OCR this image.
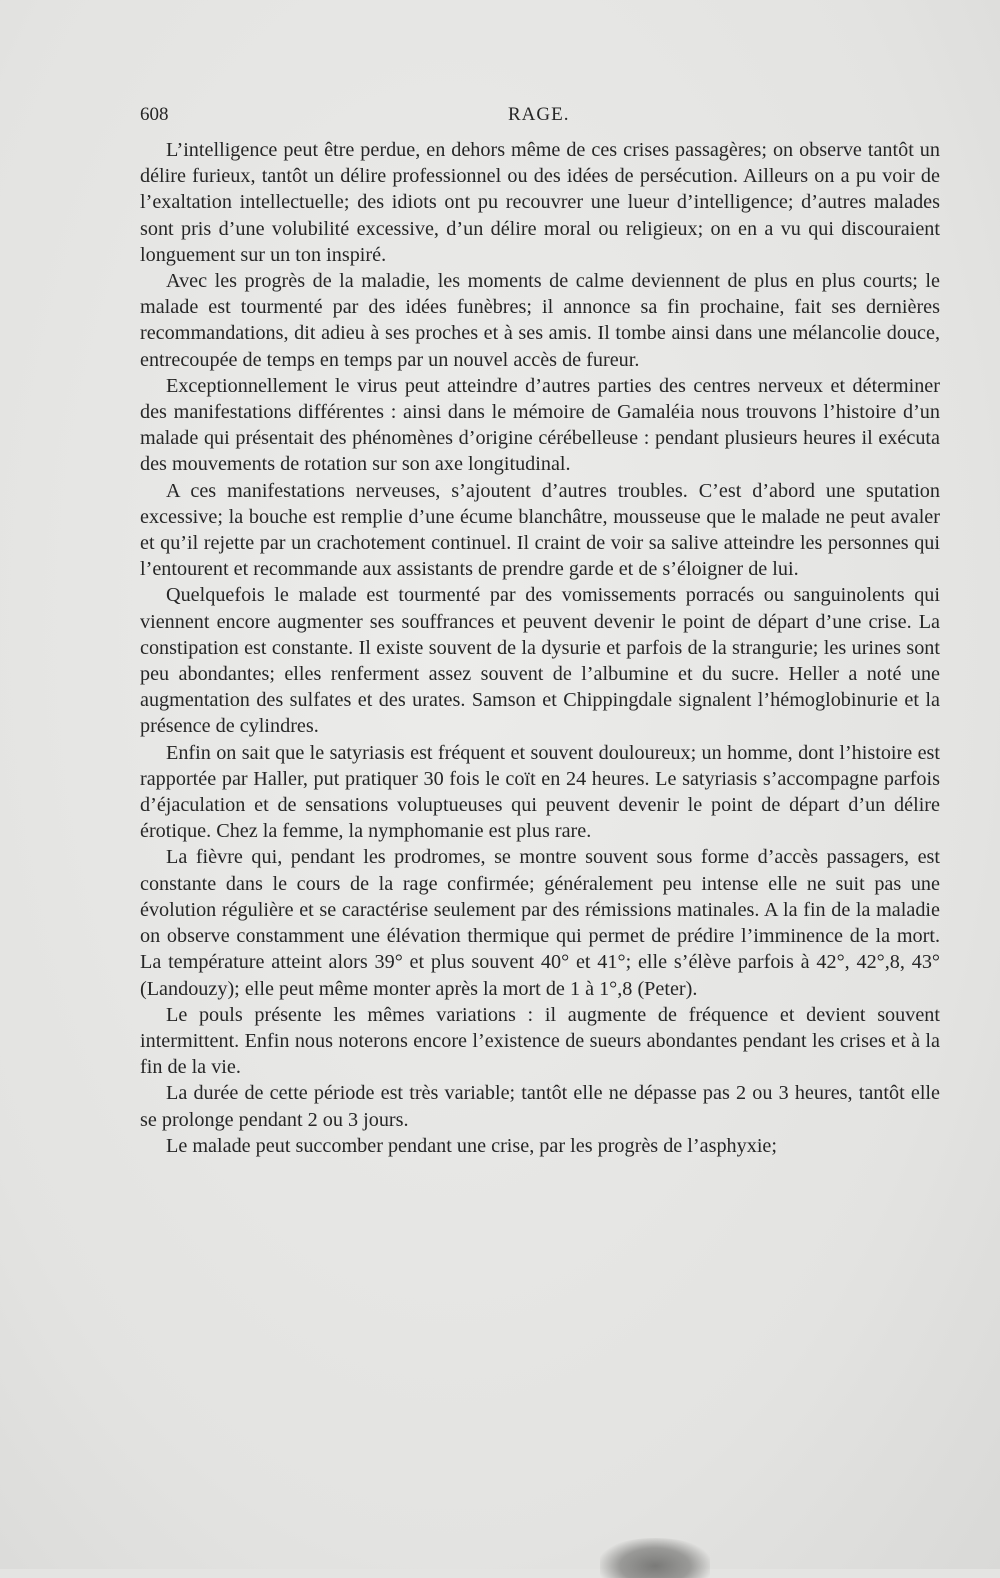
608	RAGE.

L’intelligence peut être perdue, en dehors même de ces crises passagères; on observe tantôt un délire furieux, tantôt un délire professionnel ou des idées de persécution. Ailleurs on a pu voir de l’exaltation intellectuelle; des idiots ont pu recouvrer une lueur d’intelligence; d’autres malades sont pris d’une volubilité excessive, d’un délire moral ou religieux; on en a vu qui discouraient longuement sur un ton inspiré.

Avec les progrès de la maladie, les moments de calme deviennent de plus en plus courts; le malade est tourmenté par des idées funèbres; il annonce sa fin prochaine, fait ses dernières recommandations, dit adieu à ses proches et à ses amis. Il tombe ainsi dans une mélancolie douce, entrecoupée de temps en temps par un nouvel accès de fureur.

Exceptionnellement le virus peut atteindre d’autres parties des centres nerveux et déterminer des manifestations différentes : ainsi dans le mémoire de Gamaléia nous trouvons l’histoire d’un malade qui présentait des phénomènes d’origine cérébelleuse : pendant plusieurs heures il exécuta des mouvements de rotation sur son axe longitudinal.

A ces manifestations nerveuses, s’ajoutent d’autres troubles. C’est d’abord une sputation excessive; la bouche est remplie d’une écume blanchâtre, mousseuse que le malade ne peut avaler et qu’il rejette par un crachotement continuel. Il craint de voir sa salive atteindre les personnes qui l’entourent et recommande aux assistants de prendre garde et de s’éloigner de lui.

Quelquefois le malade est tourmenté par des vomissements porracés ou sanguinolents qui viennent encore augmenter ses souffrances et peuvent devenir le point de départ d’une crise. La constipation est constante. Il existe souvent de la dysurie et parfois de la strangurie; les urines sont peu abondantes; elles renferment assez souvent de l’albumine et du sucre. Heller a noté une augmentation des sulfates et des urates. Samson et Chippingdale signalent l’hémoglobinurie et la présence de cylindres.

Enfin on sait que le satyriasis est fréquent et souvent douloureux; un homme, dont l’histoire est rapportée par Haller, put pratiquer 30 fois le coït en 24 heures. Le satyriasis s’accompagne parfois d’éjaculation et de sensations voluptueuses qui peuvent devenir le point de départ d’un délire érotique. Chez la femme, la nymphomanie est plus rare.

La fièvre qui, pendant les prodromes, se montre souvent sous forme d’accès passagers, est constante dans le cours de la rage confirmée; généralement peu intense elle ne suit pas une évolution régulière et se caractérise seulement par des rémissions matinales. A la fin de la maladie on observe constamment une élévation thermique qui permet de prédire l’imminence de la mort. La température atteint alors 39° et plus souvent 40° et 41°; elle s’élève parfois à 42°, 42°,8, 43° (Landouzy); elle peut même monter après la mort de 1 à 1°,8 (Peter).

Le pouls présente les mêmes variations : il augmente de fréquence et devient souvent intermittent. Enfin nous noterons encore l’existence de sueurs abondantes pendant les crises et à la fin de la vie.

La durée de cette période est très variable; tantôt elle ne dépasse pas 2 ou 3 heures, tantôt elle se prolonge pendant 2 ou 3 jours.

Le malade peut succomber pendant une crise, par les progrès de l’asphyxie;
